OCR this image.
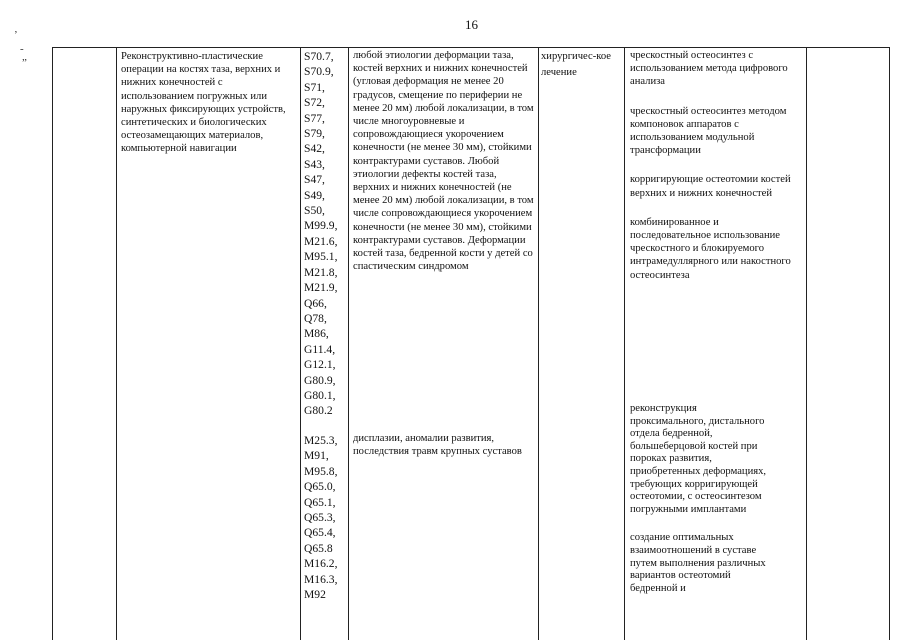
16
’
-
”
Реконструктивно-пластические операции на костях таза, верхних и нижних конечностей с использованием погружных или наружных фиксирующих устройств, синтетических и биологических остеозамещающих материалов, компьютерной навигации
S70.7, S70.9, S71, S72, S77, S79, S42, S43, S47, S49, S50, M99.9, M21.6, M95.1, M21.8, M21.9, Q66, Q78, M86, G11.4, G12.1, G80.9, G80.1, G80.2
M25.3, M91, M95.8, Q65.0, Q65.1, Q65.3, Q65.4, Q65.8 M16.2, M16.3, M92
любой этиологии деформации таза, костей верхних и нижних конечностей (угловая деформация не менее 20 градусов, смещение по периферии не менее 20 мм) любой локализации, в том числе многоуровневые и сопровождающиеся укорочением конечности (не менее 30 мм), стойкими контрактурами суставов. Любой этиологии дефекты костей таза, верхних и нижних конечностей (не менее 20 мм) любой локализации, в том числе сопровождающиеся укорочением конечности (не менее 30 мм), стойкими контрактурами суставов. Деформации костей таза, бедренной кости у детей со спастическим синдромом
дисплазии, аномалии развития, последствия травм крупных суставов
хирургичес-кое лечение
чрескостный остеосинтез с использованием метода цифрового анализа
чрескостный остеосинтез методом компоновок аппаратов с использованием модульной трансформации
корригирующие остеотомии костей верхних и нижних конечностей
комбинированное и последовательное использование чрескостного и блокируемого интрамедуллярного или накостного остеосинтеза
реконструкция проксимального, дистального отдела бедренной, большеберцовой костей при пороках развития, приобретенных деформациях, требующих корригирующей остеотомии, с остеосинтезом погружными имплантами
создание оптимальных взаимоотношений в суставе путем выполнения различных вариантов остеотомий бедренной и
